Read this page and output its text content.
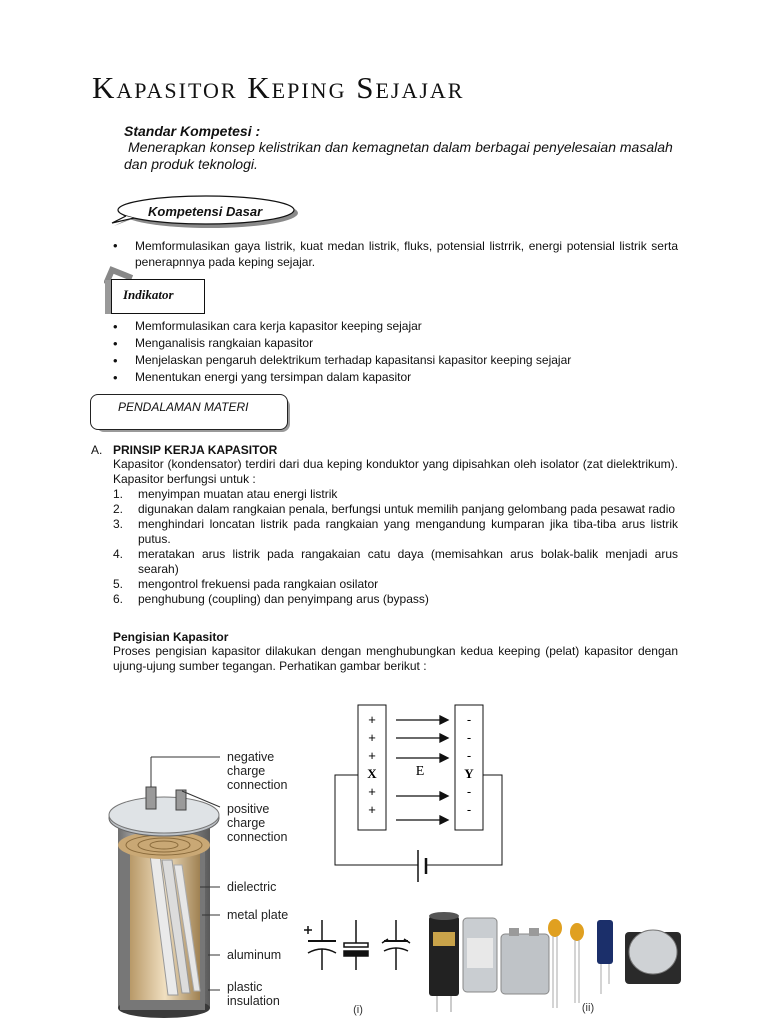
Kapasitor Keping Sejajar
Standar Kompetesi :
Menerapkan konsep kelistrikan dan kemagnetan dalam berbagai penyelesaian masalah dan produk teknologi.
Kompetensi Dasar
• Memformulasikan gaya listrik, kuat medan listrik, fluks, potensial listrrik, energi potensial listrik serta penerapnnya pada keping sejajar.
Indikator
• Memformulasikan cara kerja kapasitor keeping sejajar
• Menganalisis rangkaian kapasitor
• Menjelaskan pengaruh delektrikum terhadap kapasitansi kapasitor keeping sejajar
• Menentukan energi yang tersimpan dalam kapasitor
PENDALAMAN MATERI
A. PRINSIP KERJA KAPASITOR

Kapasitor (kondensator) terdiri dari dua keping konduktor yang dipisahkan oleh isolator (zat dielektrikum). Kapasitor berfungsi untuk :

1. menyimpan muatan atau energi listrik
2. digunakan dalam rangkaian penala, berfungsi untuk memilih panjang gelombang pada pesawat radio
3. menghindari loncatan listrik pada rangkaian yang mengandung kumparan jika tiba-tiba arus listrik putus.
4. meratakan arus listrik pada rangakaian catu daya (memisahkan arus bolak-balik menjadi arus searah)
5. mengontrol frekuensi pada rangkaian osilator
6. penghubung (coupling) dan penyimpang arus (bypass)
Pengisian Kapasitor

Proses pengisian kapasitor dilakukan dengan menghubungkan kedua keeping (pelat) kapasitor dengan ujung-ujung sumber tegangan. Perhatikan gambar berikut :

negative charge connection positive charge connection dielectric metal plate aluminum plastic insulation
+
+
+
X
+
+
E
-
-
-
Y
-
-
(i)	(ii)
